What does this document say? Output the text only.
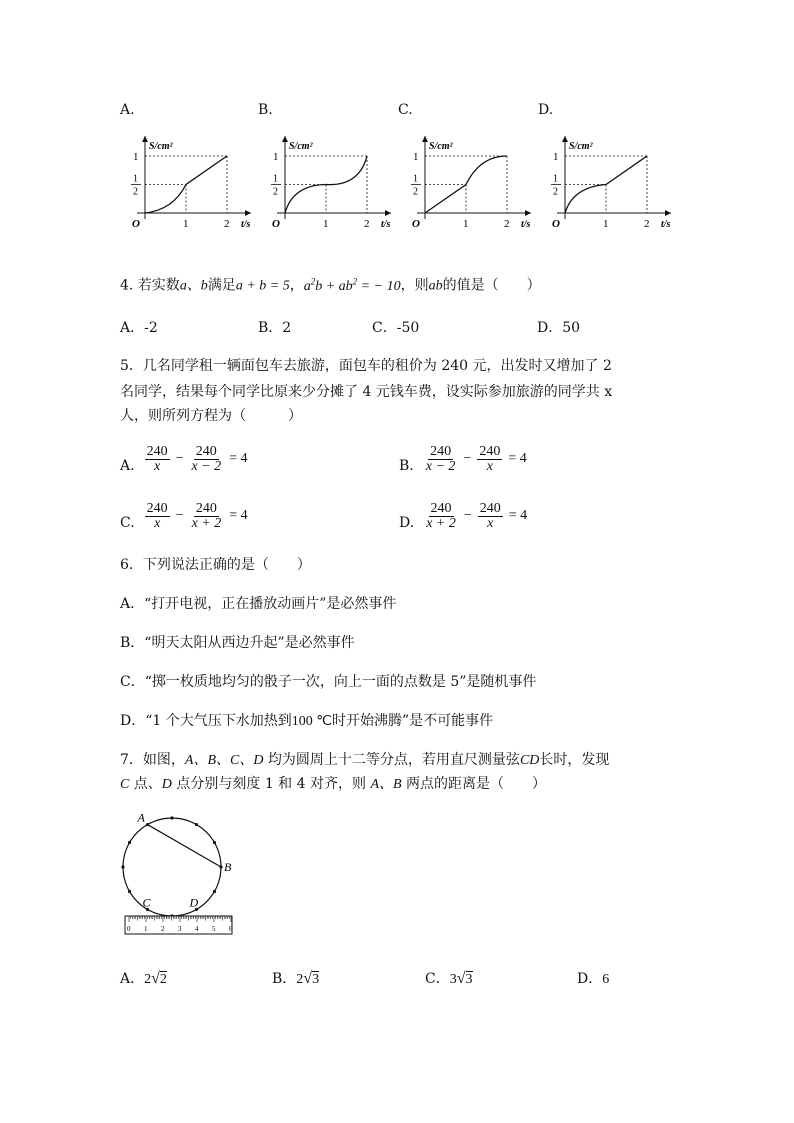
A.	B.	C.	D.
S/cm²
t/s
O
1
1
2
1	2
S/cm²
t/s
O
1
1
2
1	2
S/cm²
t/s
O
1
1
2
1	2
S/cm²
t/s
O
1
1
2
1	2
4. 若实数a、b满足a + b = 5，$a^2b + ab^2$ = − 10，则ab的值是（　　）
A．-2	B．2	C．-50	D．50
5．几名同学租一辆面包车去旅游，面包车的租价为 240 元，出发时又增加了 2
名同学，结果每个同学比原来少分摊了 4 元钱车费，设实际参加旅游的同学共 x
人，则所列方程为（　　　）
A. $\frac{240}{x} - \frac{240}{x - 2} = 4$	B. $\frac{240}{x - 2} - \frac{240}{x} = 4$
C. $\frac{240}{x} - \frac{240}{x + 2} = 4$	D. $\frac{240}{x + 2} - \frac{240}{x} = 4$
6．下列说法正确的是（　　）
A．“打开电视，正在播放动画片”是必然事件
B．“明天太阳从西边升起”是必然事件
C．“掷一枚质地均匀的骰子一次，向上一面的点数是 5”是随机事件
D．“1 个大气压下水加热到100 ℃时开始沸腾”是不可能事件
7．如图，A、B、C、D 均为圆周上十二等分点，若用直尺测量弦CD长时，发现
C 点、D 点分别与刻度 1 和 4 对齐，则 A、B 两点的距离是（　　）
A
B
C	D
0 1 2 3 4 5 6
A．2√2	B．2√3	C．3√3	D．6
